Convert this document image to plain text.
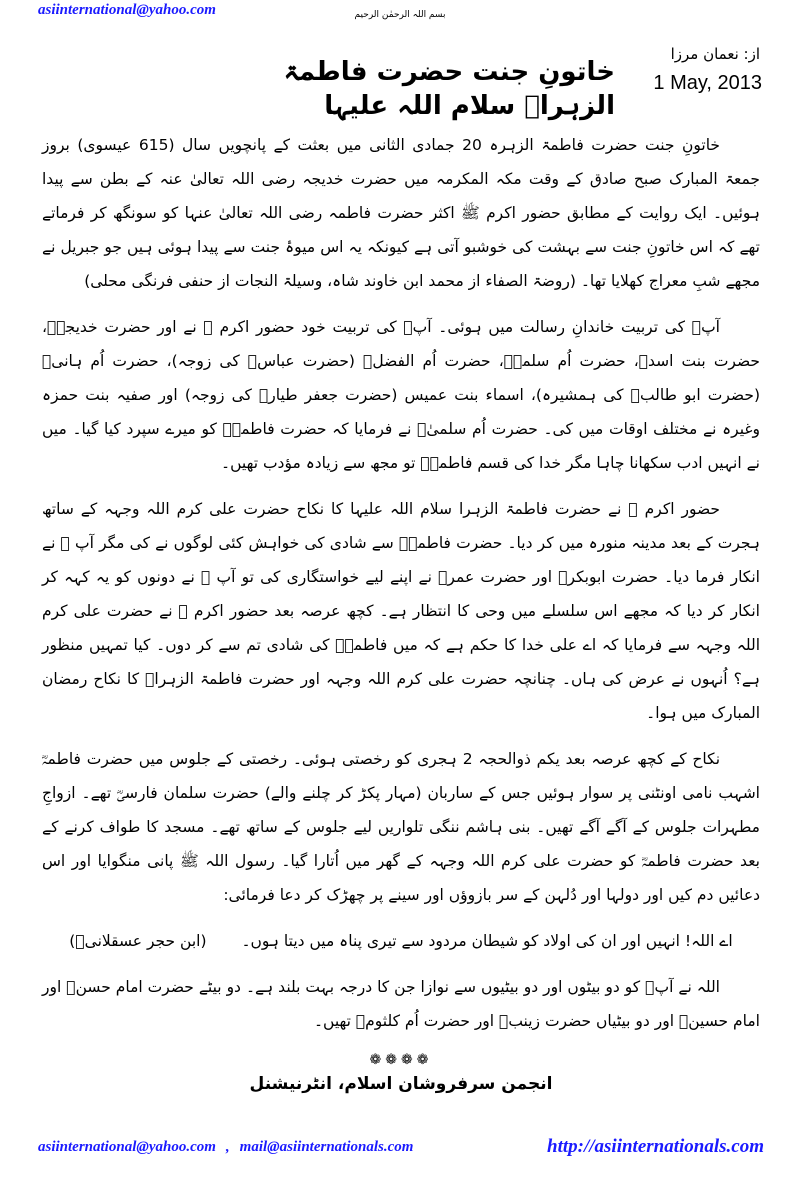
asiinternational@yahoo.com	بسم اللہ الرحمٰن الرحیم
از: نعمان مرزا
1 May, 2013
خاتونِ جنت حضرت فاطمۃ الزہراؓ سلام اللہ علیہا

خاتونِ جنت حضرت فاطمۃ الزہرہ 20 جمادی الثانی میں بعثت کے پانچویں سال (615 عیسوی) بروز جمعۃ المبارک صبح صادق کے وقت مکہ المکرمہ میں حضرت خدیجہ رضی اللہ تعالیٰ عنہ کے بطن سے پیدا ہوئیں۔ ایک روایت کے مطابق حضور اکرم ﷺ اکثر حضرت فاطمہ رضی اللہ تعالیٰ عنہا کو سونگھ کر فرماتے تھے کہ اس خاتونِ جنت سے بہشت کی خوشبو آتی ہے کیونکہ یہ اس میوۂ جنت سے پیدا ہوئی ہیں جو جبریل نے مجھے شبِ معراج کھلایا تھا۔ (روضۃ الصفاء از محمد ابن خاوند شاہ، وسیلۃ النجات از حنفی فرنگی محلی)

آپؓ کی تربیت خاندانِ رسالت میں ہوئی۔ آپؓ کی تربیت خود حضور اکرم ﷺ نے اور حضرت خدیجہؓ، حضرت بنت اسدؓ، حضرت اُم سلمہؓ، حضرت اُم الفضلؓ (حضرت عباسؓ کی زوجہ)، حضرت اُم ہانیؓ (حضرت ابو طالبؓ کی ہمشیرہ)، اسماء بنت عمیس (حضرت جعفر طیارؓ کی زوجہ) اور صفیہ بنت حمزہ وغیرہ نے مختلف اوقات میں کی۔ حضرت اُم سلمیٰؓ نے فرمایا کہ حضرت فاطمہؓ کو میرے سپرد کیا گیا۔ میں نے انہیں ادب سکھانا چاہا مگر خدا کی قسم فاطمہؓ تو مجھ سے زیادہ مؤدب تھیں۔

حضور اکرم ﷺ نے حضرت فاطمۃ الزہرا سلام اللہ علیہا کا نکاح حضرت علی کرم اللہ وجہہ کے ساتھ ہجرت کے بعد مدینہ منورہ میں کر دیا۔ حضرت فاطمہؓ سے شادی کی خواہش کئی لوگوں نے کی مگر آپ ﷺ نے انکار فرما دیا۔ حضرت ابوبکرؓ اور حضرت عمرؓ نے اپنے لیے خواستگاری کی تو آپ ﷺ نے دونوں کو یہ کہہ کر انکار کر دیا کہ مجھے اس سلسلے میں وحی کا انتظار ہے۔ کچھ عرصہ بعد حضور اکرم ﷺ نے حضرت علی کرم اللہ وجہہ سے فرمایا کہ اے علی خدا کا حکم ہے کہ میں فاطمہؓ کی شادی تم سے کر دوں۔ کیا تمہیں منظور ہے؟ اُنہوں نے عرض کی ہاں۔ چنانچہ حضرت علی کرم اللہ وجہہ اور حضرت فاطمۃ الزہراؓ کا نکاح رمضان المبارک میں ہوا۔

نکاح کے کچھ عرصہ بعد یکم ذوالحجہ 2 ہجری کو رخصتی ہوئی۔ رخصتی کے جلوس میں حضرت فاطمہؓ اشہب نامی اونٹنی پر سوار ہوئیں جس کے ساربان (مہار پکڑ کر چلنے والے) حضرت سلمان فارسیؓ تھے۔ ازواجِ مطہرات جلوس کے آگے آگے تھیں۔ بنی ہاشم ننگی تلواریں لیے جلوس کے ساتھ تھے۔ مسجد کا طواف کرنے کے بعد حضرت فاطمہؓ کو حضرت علی کرم اللہ وجہہ کے گھر میں اُتارا گیا۔ رسول اللہ ﷺ پانی منگوایا اور اس دعائیں دم کیں اور دولہا اور دُلہن کے سر بازوؤں اور سینے پر چھڑک کر دعا فرمائی:

اے اللہ! انہیں اور ان کی اولاد کو شیطان مردود سے تیری پناہ میں دیتا ہوں۔ (ابن حجر عسقلانیؒ)

اللہ نے آپؓ کو دو بیٹوں اور دو بیٹیوں سے نوازا جن کا درجہ بہت بلند ہے۔ دو بیٹے حضرت امام حسنؓ اور امام حسینؓ اور دو بیٹیاں حضرت زینبؓ اور حضرت اُم کلثومؓ تھیں۔

❁❁❁❁
انجمن سرفروشان اسلام، انٹرنیشنل
asiinternational@yahoo.com , mail@asiinternationals.com	http://asiinternationals.com
